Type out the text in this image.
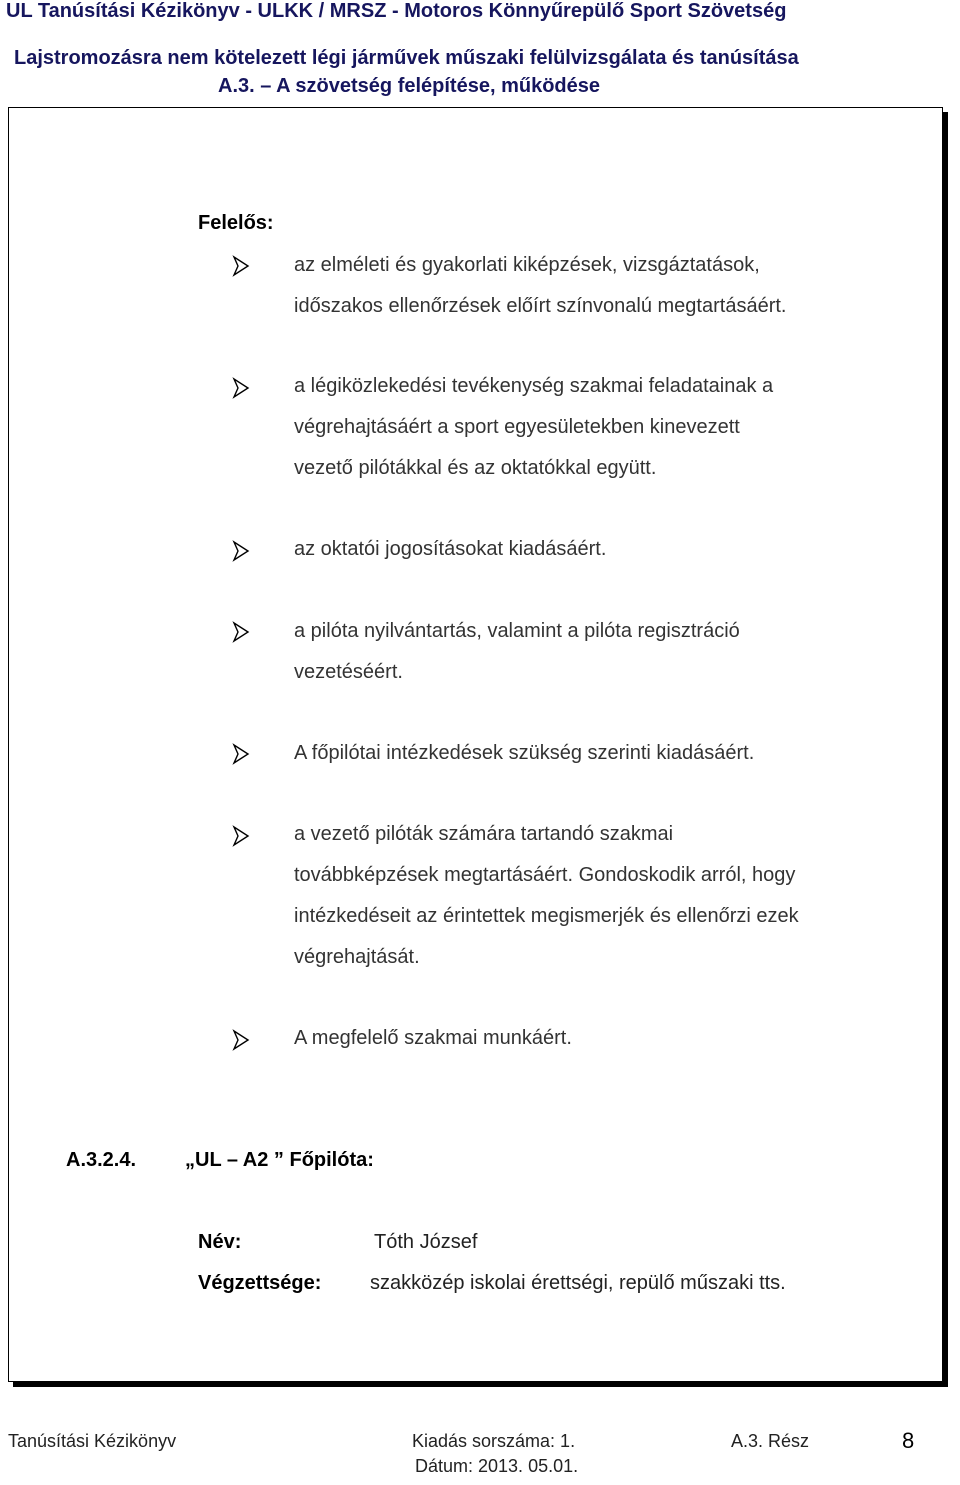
UL Tanúsítási Kézikönyv - ULKK / MRSZ - Motoros Könnyűrepülő Sport Szövetség
Lajstromozásra nem kötelezett légi járművek műszaki felülvizsgálata és tanúsítása
A.3. – A szövetség felépítése, működése
Felelős:
az elméleti és gyakorlati kiképzések, vizsgáztatások,
időszakos ellenőrzések előírt színvonalú megtartásáért.
a légiközlekedési tevékenység szakmai feladatainak a
végrehajtásáért a sport egyesületekben kinevezett
vezető pilótákkal és az oktatókkal együtt.
az oktatói jogosításokat kiadásáért.
a pilóta nyilvántartás, valamint a pilóta regisztráció
vezetéséért.
A főpilótai intézkedések szükség szerinti kiadásáért.
a vezető pilóták számára tartandó szakmai
továbbképzések megtartásáért. Gondoskodik arról, hogy
intézkedéseit az érintettek megismerjék és ellenőrzi ezek
végrehajtását.
A megfelelő szakmai munkáért.
A.3.2.4. „UL – A2 ” Főpilóta:
Név:	Tóth József
Végzettsége: szakközép iskolai érettségi, repülő műszaki tts.
Tanúsítási Kézikönyv	Kiadás sorszáma: 1.
Dátum: 2013. 05.01.
A.3. Rész	8
